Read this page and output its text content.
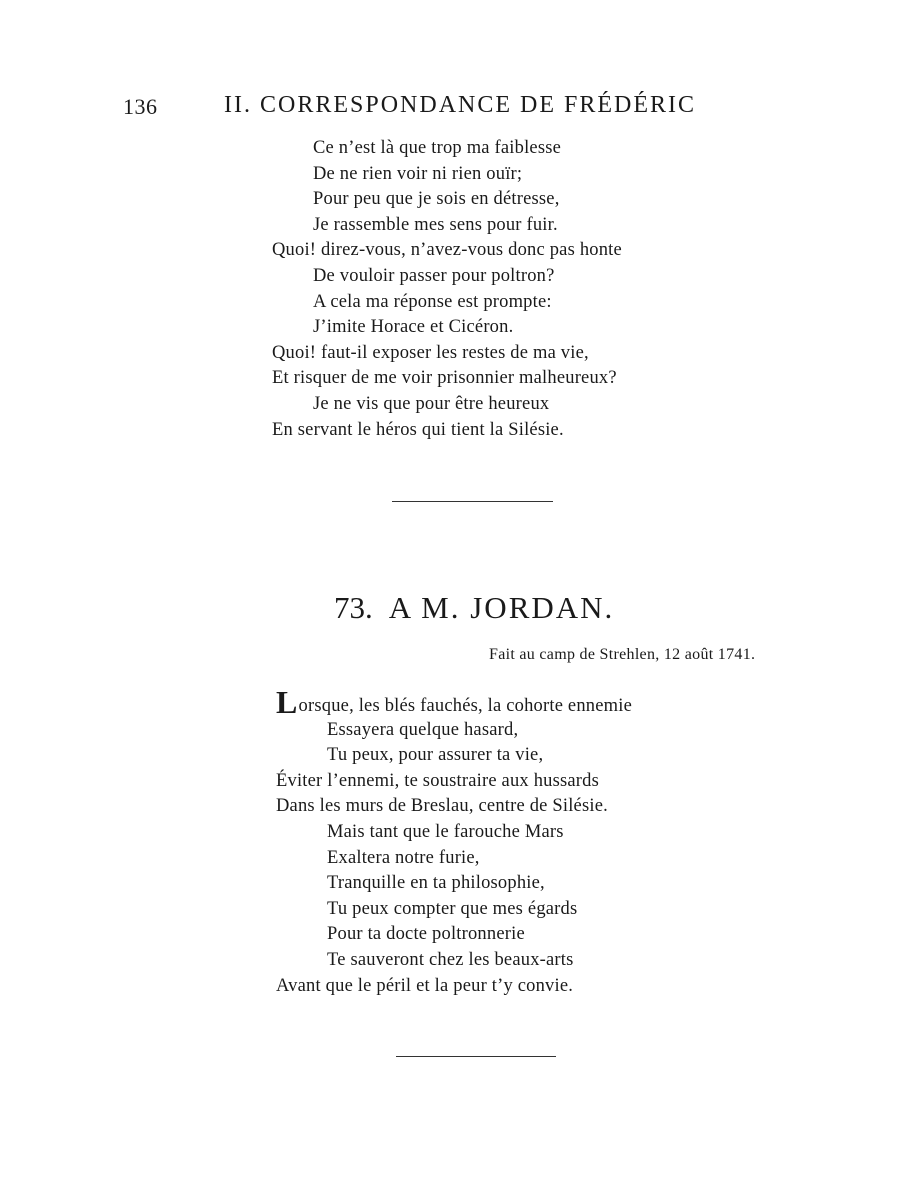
136	II. CORRESPONDANCE DE FRÉDÉRIC
Ce n’est là que trop ma faiblesse
De ne rien voir ni rien ouïr;
Pour peu que je sois en détresse,
Je rassemble mes sens pour fuir.
Quoi! direz-vous, n’avez-vous donc pas honte
De vouloir passer pour poltron?
A cela ma réponse est prompte:
J’imite Horace et Cicéron.
Quoi! faut-il exposer les restes de ma vie,
Et risquer de me voir prisonnier malheureux?
Je ne vis que pour être heureux
En servant le héros qui tient la Silésie.
73. A M. JORDAN.
Fait au camp de Strehlen, 12 août 1741.
Lorsque, les blés fauchés, la cohorte ennemie
Essayera quelque hasard,
Tu peux, pour assurer ta vie,
Éviter l’ennemi, te soustraire aux hussards
Dans les murs de Breslau, centre de Silésie.
Mais tant que le farouche Mars
Exaltera notre furie,
Tranquille en ta philosophie,
Tu peux compter que mes égards
Pour ta docte poltronnerie
Te sauveront chez les beaux-arts
Avant que le péril et la peur t’y convie.
